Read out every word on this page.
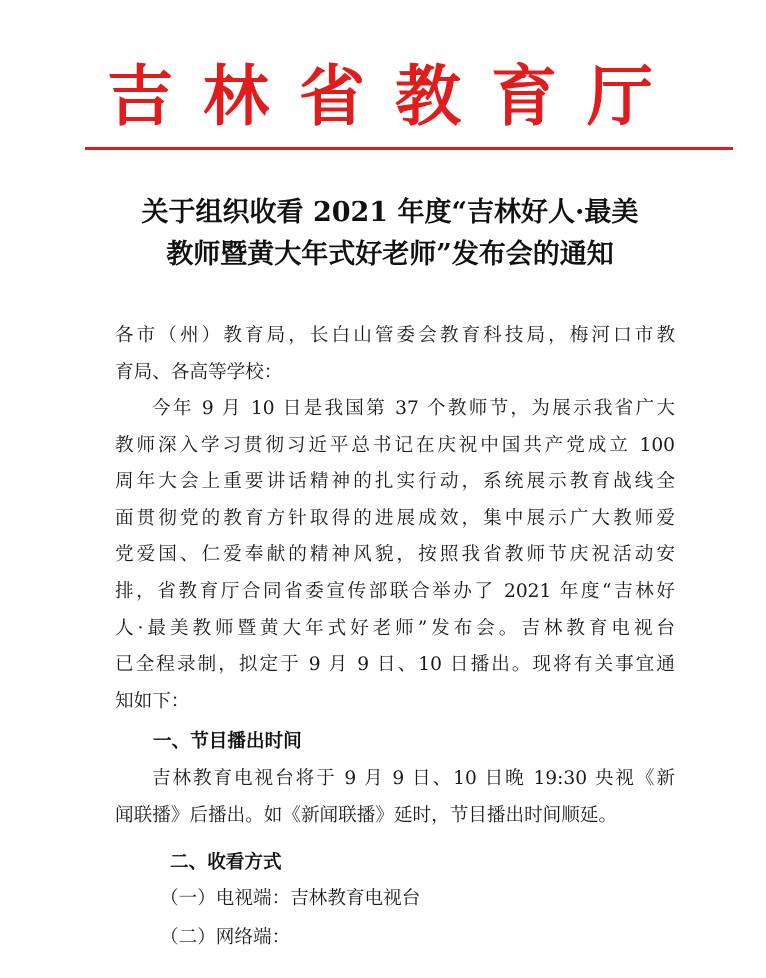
吉林省教育厅
关于组织收看 2021 年度“吉林好人·最美
教师暨黄大年式好老师”发布会的通知
各市（州）教育局，长白山管委会教育科技局，梅河口市教
育局、各高等学校：
今年 9 月 10 日是我国第 37 个教师节，为展示我省广大
教师深入学习贯彻习近平总书记在庆祝中国共产党成立 100
周年大会上重要讲话精神的扎实行动，系统展示教育战线全
面贯彻党的教育方针取得的进展成效，集中展示广大教师爱
党爱国、仁爱奉献的精神风貌，按照我省教师节庆祝活动安
排，省教育厅合同省委宣传部联合举办了 2021 年度“吉林好
人·最美教师暨黄大年式好老师”发布会。吉林教育电视台
已全程录制，拟定于 9 月 9 日、10 日播出。现将有关事宜通
知如下：
一、节目播出时间
吉林教育电视台将于 9 月 9 日、10 日晚 19:30 央视《新
闻联播》后播出。如《新闻联播》延时，节目播出时间顺延。
二、收看方式
（一）电视端：吉林教育电视台
（二）网络端：
